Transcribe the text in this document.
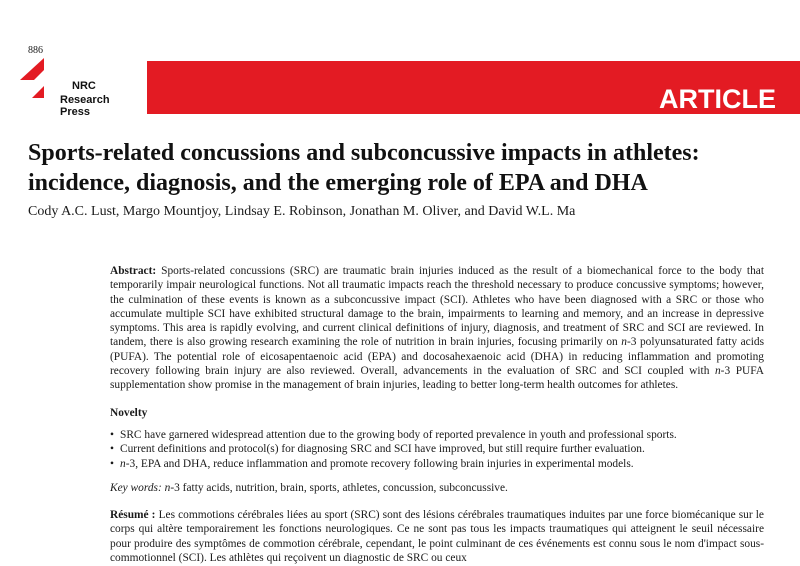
886
NRC
Research Press	ARTICLE
Sports-related concussions and subconcussive impacts in athletes:
incidence, diagnosis, and the emerging role of EPA and DHA
Cody A.C. Lust, Margo Mountjoy, Lindsay E. Robinson, Jonathan M. Oliver, and David W.L. Ma

Abstract: Sports-related concussions (SRC) are traumatic brain injuries induced as the result of a biomechanical force to the body that temporarily impair neurological functions. Not all traumatic impacts reach the threshold necessary to produce concussive symptoms; however, the culmination of these events is known as a subconcussive impact (SCI). Athletes who have been diagnosed with a SRC or those who accumulate multiple SCI have exhibited structural damage to the brain, impairments to learning and memory, and an increase in depressive symptoms. This area is rapidly evolving, and current clinical definitions of injury, diagnosis, and treatment of SRC and SCI are reviewed. In tandem, there is also growing research examining the role of nutrition in brain injuries, focusing primarily on n-3 polyunsaturated fatty acids (PUFA). The potential role of eicosapentaenoic acid (EPA) and docosahexaenoic acid (DHA) in reducing inflammation and promoting recovery following brain injury are also reviewed. Overall, advancements in the evaluation of SRC and SCI coupled with n-3 PUFA supplementation show promise in the management of brain injuries, leading to better long-term health outcomes for athletes.

Novelty

• SRC have garnered widespread attention due to the growing body of reported prevalence in youth and professional sports.
• Current definitions and protocol(s) for diagnosing SRC and SCI have improved, but still require further evaluation.
• n-3, EPA and DHA, reduce inflammation and promote recovery following brain injuries in experimental models.

Key words: n-3 fatty acids, nutrition, brain, sports, athletes, concussion, subconcussive.

Résumé : Les commotions cérébrales liées au sport (SRC) sont des lésions cérébrales traumatiques induites par une force biomécanique sur le corps qui altère temporairement les fonctions neurologiques. Ce ne sont pas tous les impacts traumatiques qui atteignent le seuil nécessaire pour produire des symptômes de commotion cérébrale, cependant, le point culminant de ces événements est connu sous le nom d'impact sous-commotionnel (SCI). Les athlètes qui reçoivent un diagnostic de SRC ou ceux
